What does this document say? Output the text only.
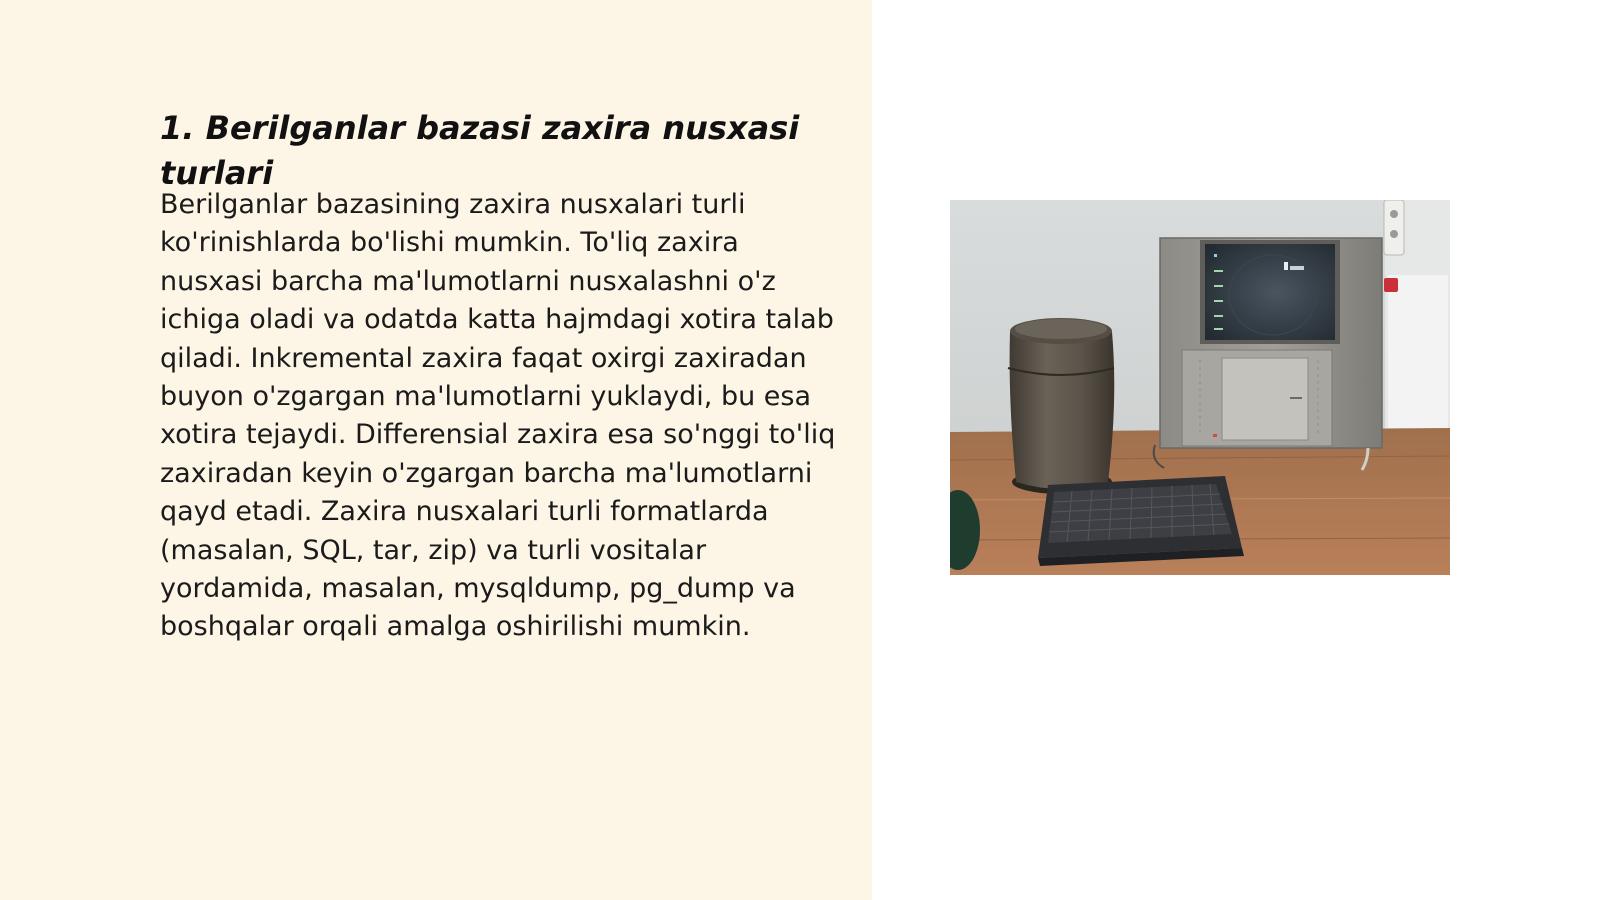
1. Berilganlar bazasi zaxira nusxasi turlari

Berilganlar bazasining zaxira nusxalari turli ko'rinishlarda bo'lishi mumkin. To'liq zaxira nusxasi barcha ma'lumotlarni nusxalashni o'z ichiga oladi va odatda katta hajmdagi xotira talab qiladi. Inkremental zaxira faqat oxirgi zaxiradan buyon o'zgargan ma'lumotlarni yuklaydi, bu esa xotira tejaydi. Differensial zaxira esa so'nggi to'liq zaxiradan keyin o'zgargan barcha ma'lumotlarni qayd etadi. Zaxira nusxalari turli formatlarda (masalan, SQL, tar, zip) va turli vositalar yordamida, masalan, mysqldump, pg_dump va boshqalar orqali amalga oshirilishi mumkin.
